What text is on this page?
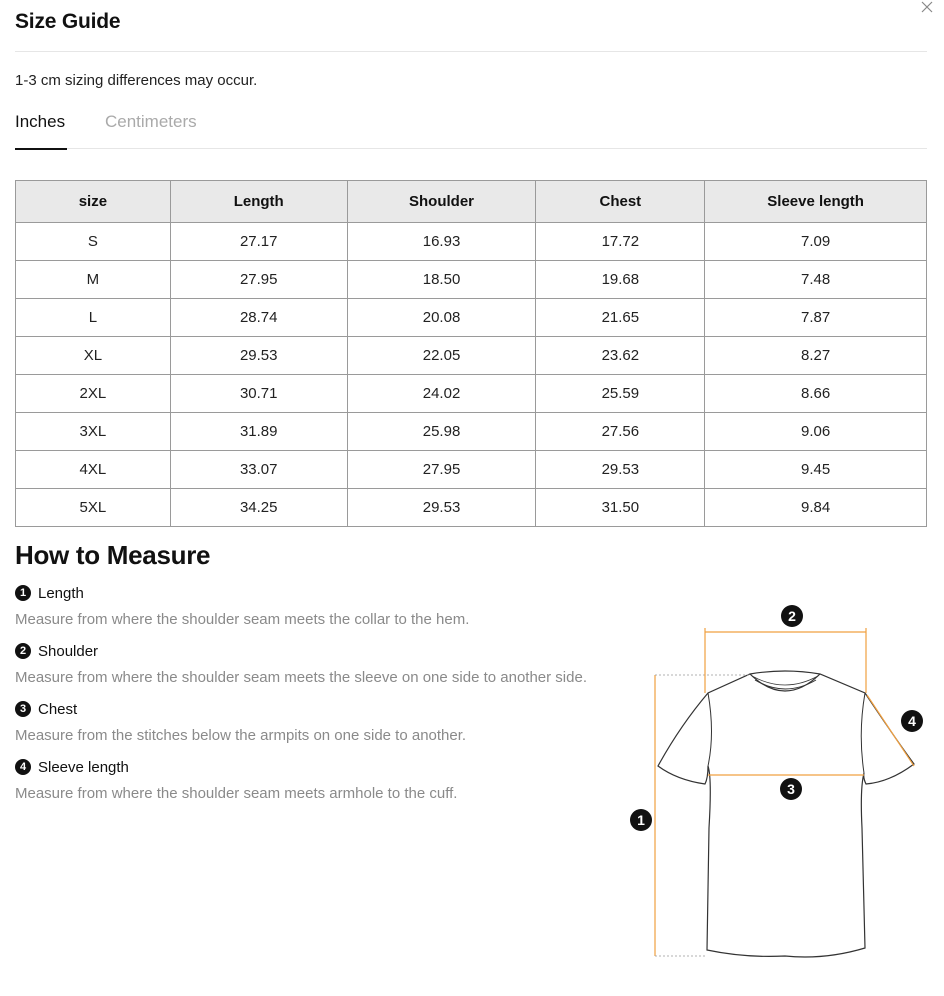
Size Guide
1-3 cm sizing differences may occur.
Inches Centimeters
size	Length	Shoulder	Chest	Sleeve length
S	27.17	16.93	17.72	7.09
M	27.95	18.50	19.68	7.48
L	28.74	20.08	21.65	7.87
XL	29.53	22.05	23.62	8.27
2XL	30.71	24.02	25.59	8.66
3XL	31.89	25.98	27.56	9.06
4XL	33.07	27.95	29.53	9.45
5XL	34.25	29.53	31.50	9.84
How to Measure
1 Length
Measure from where the shoulder seam meets the collar to the hem.
2 Shoulder
Measure from where the shoulder seam meets the sleeve on one side to another side.
3 Chest
Measure from the stitches below the armpits on one side to another.
4 Sleeve length
Measure from where the shoulder seam meets armhole to the cuff.
1
2
3
4
